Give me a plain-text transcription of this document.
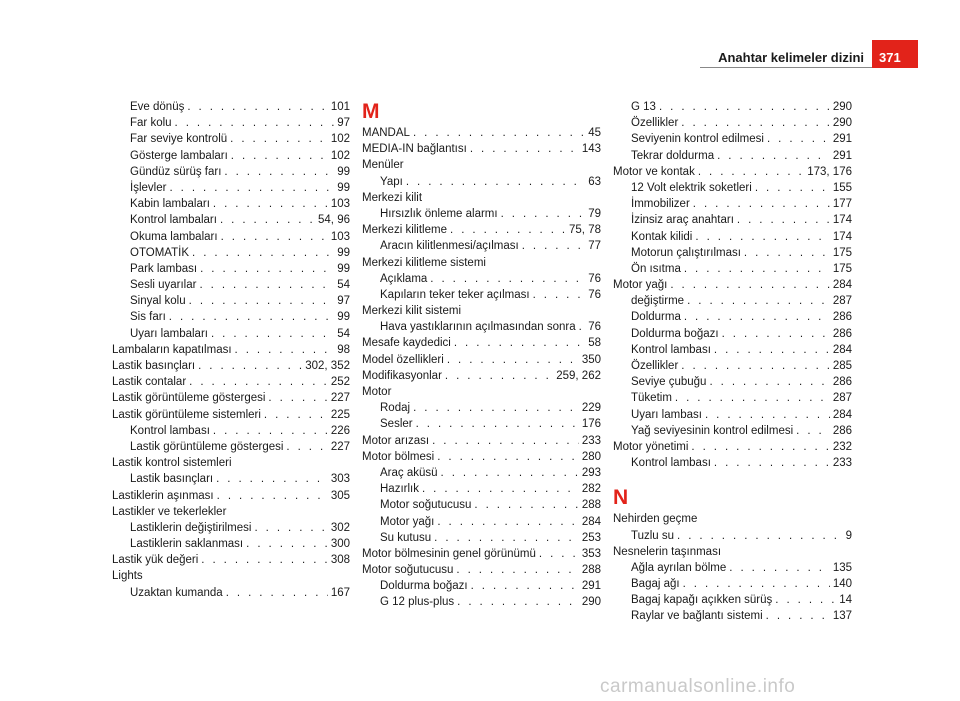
371
Anahtar kelimeler dizini
Eve dönüş . . .	101
Far kolu . . .	97
Far seviye kontrolü . . .	102
Gösterge lambaları . . .	102
Gündüz sürüş farı . . .	99
İşlevler . . .	99
Kabin lambaları . . .	103
Kontrol lambaları . . .	54, 96
Okuma lambaları . . .	103
OTOMATİK . . .	99
Park lambası . . .	99
Sesli uyarılar . . .	54
Sinyal kolu . . .	97
Sis farı . . .	99
Uyarı lambaları . . .	54
Lambaların kapatılması . . .	98
Lastik basınçları . . .	302, 352
Lastik contalar . . .	252
Lastik görüntüleme göstergesi . . .	227
Lastik görüntüleme sistemleri . . .	225
Kontrol lambası . . .	226
Lastik görüntüleme göstergesi . . .	227
Lastik kontrol sistemleri
Lastik basınçları . . .	303
Lastiklerin aşınması . . .	305
Lastikler ve tekerlekler
Lastiklerin değiştirilmesi . . .	302
Lastiklerin saklanması . . .	300
Lastik yük değeri . . .	308
Lights
Uzaktan kumanda . . .	167
M
MANDAL . . .	45
MEDIA-IN bağlantısı . . .	143
Menüler
Yapı . . .	63
Merkezi kilit
Hırsızlık önleme alarmı . . .	79
Merkezi kilitleme . . .	75, 78
Aracın kilitlenmesi/açılması . . .	77
Merkezi kilitleme sistemi
Açıklama . . .	76
Kapıların teker teker açılması . . .	76
Merkezi kilit sistemi
Hava yastıklarının açılmasından sonra . . . 76
Mesafe kaydedici . . .	58
Model özellikleri . . .	350
Modifikasyonlar . . .	259, 262
Motor
Rodaj . . .	229
Sesler . . .	176
Motor arızası . . .	233
Motor bölmesi . . .	280
Araç aküsü . . .	293
Hazırlık . . .	282
Motor soğutucusu . . .	288
Motor yağı . . .	284
Su kutusu . . .	253
Motor bölmesinin genel görünümü . . .	353
Motor soğutucusu . . .	288
Doldurma boğazı . . .	291
G 12 plus-plus . . .	290
G 13 . . .	290
Özellikler . . .	290
Seviyenin kontrol edilmesi . . .	291
Tekrar doldurma . . .	291
Motor ve kontak . . .	173, 176
12 Volt elektrik soketleri . . .	155
İmmobilizer . . .	177
İzinsiz araç anahtarı . . .	174
Kontak kilidi . . .	174
Motorun çalıştırılması . . .	175
Ön ısıtma . . .	175
Motor yağı . . .	284
değiştirme . . .	287
Doldurma . . .	286
Doldurma boğazı . . .	286
Kontrol lambası . . .	284
Özellikler . . .	285
Seviye çubuğu . . .	286
Tüketim . . .	287
Uyarı lambası . . .	284
Yağ seviyesinin kontrol edilmesi . . .	286
Motor yönetimi . . .	232
Kontrol lambası . . .	233
N
Nehirden geçme
Tuzlu su . . .	9
Nesnelerin taşınması
Ağla ayrılan bölme . . .	135
Bagaj ağı . . .	140
Bagaj kapağı açıkken sürüş . . .	14
Raylar ve bağlantı sistemi . . .	137
carmanualsonline.info
